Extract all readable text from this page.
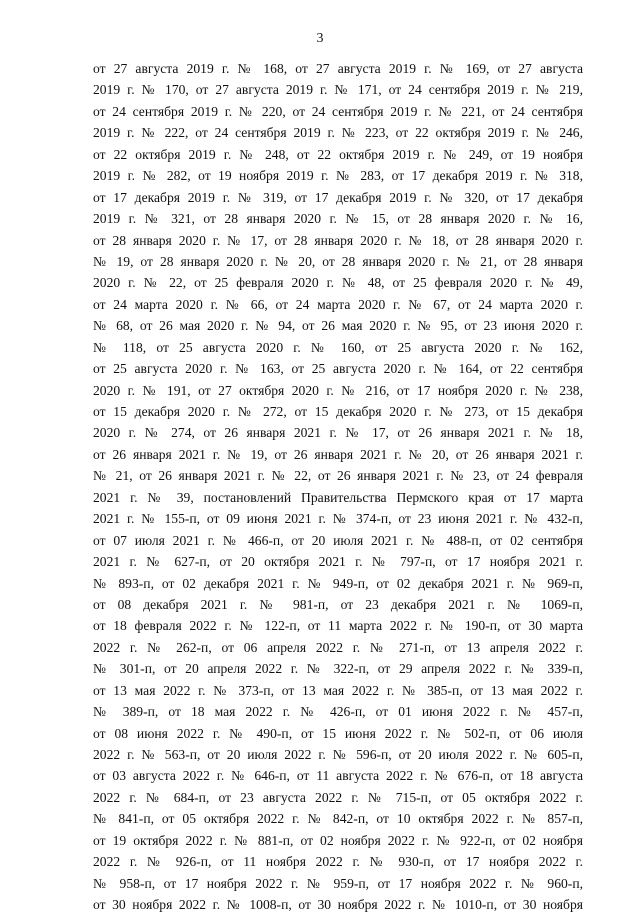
3
от 27 августа 2019 г. № 168, от 27 августа 2019 г. № 169, от 27 августа
2019 г. № 170, от 27 августа 2019 г. № 171, от 24 сентября 2019 г. № 219,
от 24 сентября 2019 г. № 220, от 24 сентября 2019 г. № 221, от 24 сентября
2019 г. № 222, от 24 сентября 2019 г. № 223, от 22 октября 2019 г. № 246,
от 22 октября 2019 г. № 248, от 22 октября 2019 г. № 249, от 19 ноября
2019 г. № 282, от 19 ноября 2019 г. № 283, от 17 декабря 2019 г. № 318,
от 17 декабря 2019 г. № 319, от 17 декабря 2019 г. № 320, от 17 декабря
2019 г. № 321, от 28 января 2020 г. № 15, от 28 января 2020 г. № 16,
от 28 января 2020 г. № 17, от 28 января 2020 г. № 18, от 28 января 2020 г.
№ 19, от 28 января 2020 г. № 20, от 28 января 2020 г. № 21, от 28 января
2020 г. № 22, от 25 февраля 2020 г. № 48, от 25 февраля 2020 г. № 49,
от 24 марта 2020 г. № 66, от 24 марта 2020 г. № 67, от 24 марта 2020 г.
№ 68, от 26 мая 2020 г. № 94, от 26 мая 2020 г. № 95, от 23 июня 2020 г.
№ 118, от 25 августа 2020 г. № 160, от 25 августа 2020 г. № 162,
от 25 августа 2020 г. № 163, от 25 августа 2020 г. № 164, от 22 сентября
2020 г. № 191, от 27 октября 2020 г. № 216, от 17 ноября 2020 г. № 238,
от 15 декабря 2020 г. № 272, от 15 декабря 2020 г. № 273, от 15 декабря
2020 г. № 274, от 26 января 2021 г. № 17, от 26 января 2021 г. № 18,
от 26 января 2021 г. № 19, от 26 января 2021 г. № 20, от 26 января 2021 г.
№ 21, от 26 января 2021 г. № 22, от 26 января 2021 г. № 23, от 24 февраля
2021 г. № 39, постановлений Правительства Пермского края от 17 марта
2021 г. № 155-п, от 09 июня 2021 г. № 374-п, от 23 июня 2021 г. № 432-п,
от 07 июля 2021 г. № 466-п, от 20 июля 2021 г. № 488-п, от 02 сентября
2021 г. № 627-п, от 20 октября 2021 г. № 797-п, от 17 ноября 2021 г.
№ 893-п, от 02 декабря 2021 г. № 949-п, от 02 декабря 2021 г. № 969-п,
от 08 декабря 2021 г. № 981-п, от 23 декабря 2021 г. № 1069-п,
от 18 февраля 2022 г. № 122-п, от 11 марта 2022 г. № 190-п, от 30 марта
2022 г. № 262-п, от 06 апреля 2022 г. № 271-п, от 13 апреля 2022 г.
№ 301-п, от 20 апреля 2022 г. № 322-п, от 29 апреля 2022 г. № 339-п,
от 13 мая 2022 г. № 373-п, от 13 мая 2022 г. № 385-п, от 13 мая 2022 г.
№ 389-п, от 18 мая 2022 г. № 426-п, от 01 июня 2022 г. № 457-п,
от 08 июня 2022 г. № 490-п, от 15 июня 2022 г. № 502-п, от 06 июля
2022 г. № 563-п, от 20 июля 2022 г. № 596-п, от 20 июля 2022 г. № 605-п,
от 03 августа 2022 г. № 646-п, от 11 августа 2022 г. № 676-п, от 18 августа
2022 г. № 684-п, от 23 августа 2022 г. № 715-п, от 05 октября 2022 г.
№ 841-п, от 05 октября 2022 г. № 842-п, от 10 октября 2022 г. № 857-п,
от 19 октября 2022 г. № 881-п, от 02 ноября 2022 г. № 922-п, от 02 ноября
2022 г. № 926-п, от 11 ноября 2022 г. № 930-п, от 17 ноября 2022 г.
№ 958-п, от 17 ноября 2022 г. № 959-п, от 17 ноября 2022 г. № 960-п,
от 30 ноября 2022 г. № 1008-п, от 30 ноября 2022 г. № 1010-п, от 30 ноября
